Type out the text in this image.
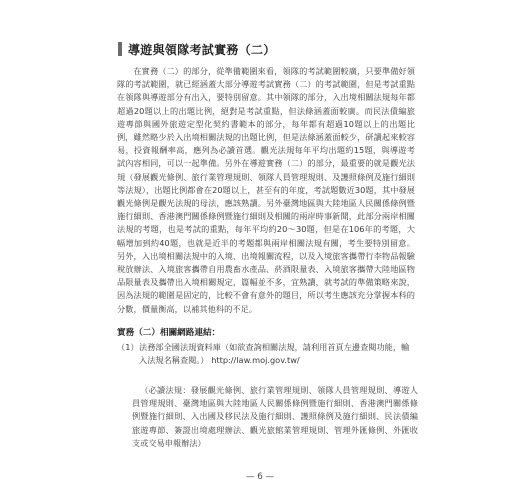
導遊與領隊考試實務（二）

在實務（二）的部分，從準備範圍來看，領隊的考試範圍較廣，只要準備好領隊的考試範圍，就已經涵蓋大部分導遊考試實務（二）的考試範圍，但是考試重點在領隊與導遊部分有出入，要特別留意。其中領隊的部分，入出境相關法規每年都超過20題以上的出題比例，絕對是考試重點，但法條涵蓋面較廣。而民法債編旅遊專節與國外旅遊定型化契約書範本的部分，每年都有超過10題以上的出題比例，雖然略少於入出境相關法規的出題比例，但是法條涵蓋面較少，研讀起來較容易，投資報酬率高，應列為必讀首選。觀光法規每年平均出題約15題，與導遊考試內容相同，可以一起準備。另外在導遊實務（二）的部分，最重要的就是觀光法規（發展觀光條例、旅行業管理規則、領隊人員管理規則、及護照條例及施行細則等法規），出題比例都會在20題以上，甚至有的年度，考試題數近30題，其中發展觀光條例是觀光法規的母法，應該熟讀。另外臺灣地區與大陸地區人民關係條例暨施行細則、香港澳門關係條例暨施行細則及相關的兩岸時事新聞，此部分兩岸相關法規的考題，也是考試的重點，每年平均約20～30題，但是在106年的考題，大幅增加到約40題，也就是近半的考題都與兩岸相關法規有關，考生要特別留意。另外，入出境相關法規中的入境、出境報關流程，以及入境旅客攜帶行李物品報驗稅放辦法、入境旅客攜帶自用農畜水產品、菸酒限量表、入境旅客攜帶大陸地區物品限量表及攜帶出入境相關規定，篇幅並不多，宜熟讀，就考試的準備策略來說，因為法規的範圍是固定的，比較不會有意外的題目，所以考生應該充分掌握本科的分數，價量衡高，以補其他科的不足。

實務（二）相關網路連結：
（1） 法務部全國法規資料庫（如欲查詢相關法規，請利用首頁左邊查閱功能，輸入法規名稱查閱。） http://law.moj.gov.tw/

（必讀法規：發展觀光條例、旅行業管理規則、領隊人員管理規則、導遊人員管理規則、臺灣地區與大陸地區人民關係條例暨施行細則、香港澳門關係條例暨施行細則、入出國及移民法及施行細則、護照條例及施行細則、民法債編旅遊專節、簽證出境處理辦法、觀光旅館業管理規則、管理外匯條例、外匯收支或交易申報辦法）

— 6 —
